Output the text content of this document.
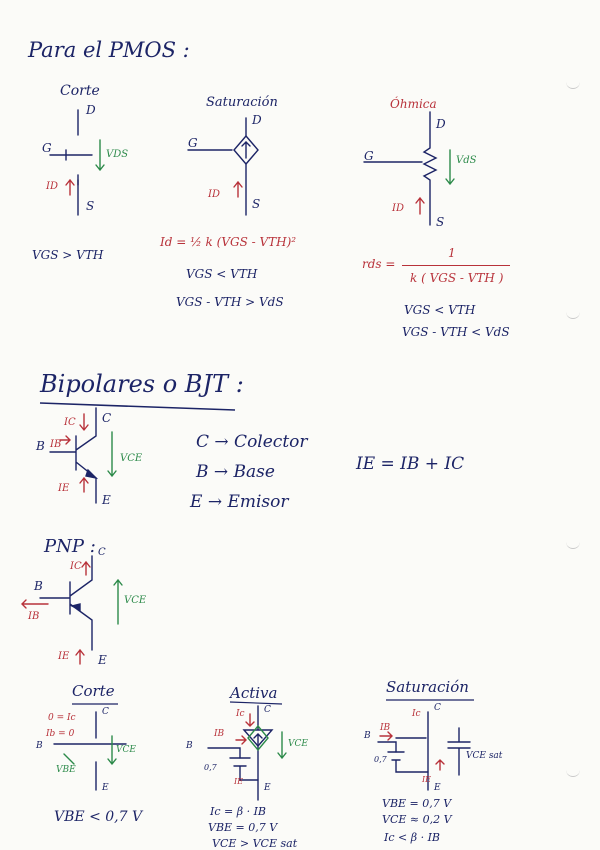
Para el PMOS :
Corte
D
G	VDS
ID
S
VGS > VTH
Saturación
D
G
ID
S
Id = ½ k (VGS - VTH)²
VGS < VTH
VGS - VTH > VdS
Óhmica
D
G	VdS
ID
S
rds =
1
k ( VGS - VTH )
VGS < VTH
VGS - VTH < VdS
Bipolares o BJT :
C
IC
B IB
VCE
IE
E
C → Colector
B → Base
E → Emisor
IE = IB + IC
PNP : C
IC
B
VCE
IB
IE E
Corte
0 = Ic
C
Ib = 0
B	VCE
VBE
E
VBE < 0,7 V
Activa
Ic C
IB
B	VCE
0,7
IE
E
Ic = β · IB
VBE = 0,7 V
VCE > VCE sat
Saturación
Ic
C
IB
B
0,7	VCE sat
IE
E
VBE = 0,7 V
VCE ≈ 0,2 V
Ic < β · IB
